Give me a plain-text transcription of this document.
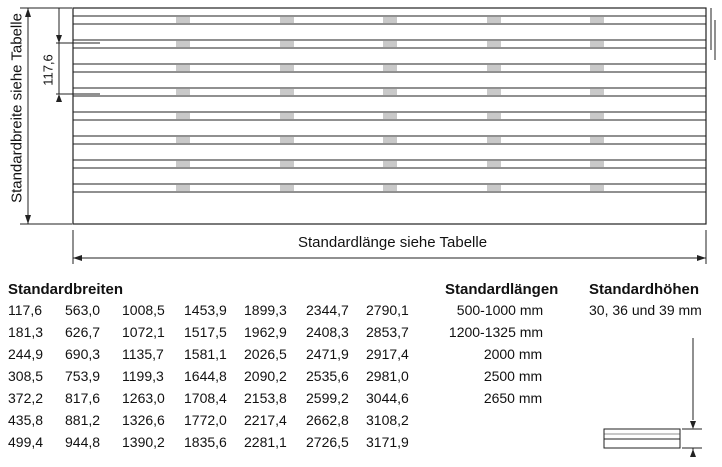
Standardbreite siehe Tabelle 117,6
Standardlänge siehe Tabelle
Standardbreiten
117,6 563,0 1008,5 1453,9 1899,3 2344,7 2790,1
181,3 626,7 1072,1 1517,5 1962,9 2408,3 2853,7
244,9 690,3 1135,7 1581,1 2026,5 2471,9 2917,4
308,5 753,9 1199,3 1644,8 2090,2 2535,6 2981,0
372,2 817,6 1263,0 1708,4 2153,8 2599,2 3044,6
435,8 881,2 1326,6 1772,0 2217,4 2662,8 3108,2
499,4 944,8 1390,2 1835,6 2281,1 2726,5 3171,9
Standardlängen
500-1000 mm
1200-1325 mm
2000 mm
2500 mm
2650 mm
Standardhöhen
30, 36 und 39 mm
